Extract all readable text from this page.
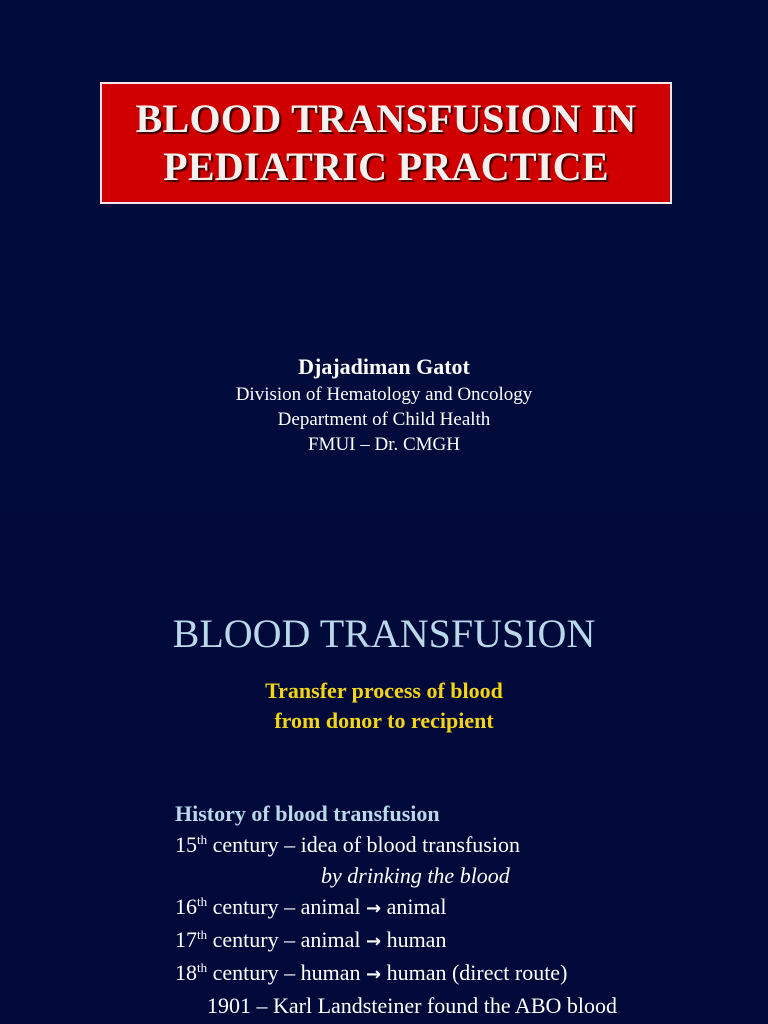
BLOOD TRANSFUSION IN
PEDIATRIC PRACTICE
Djajadiman Gatot
Division of Hematology and Oncology
Department of Child Health
FMUI – Dr. CMGH
BLOOD TRANSFUSION
Transfer process of blood
from donor to recipient
History of blood transfusion
15th century – idea of blood transfusion
by drinking the blood
16th century – animal → animal
17th century – animal → human
18th century – human → human (direct route)
1901 – Karl Landsteiner found the ABO blood
